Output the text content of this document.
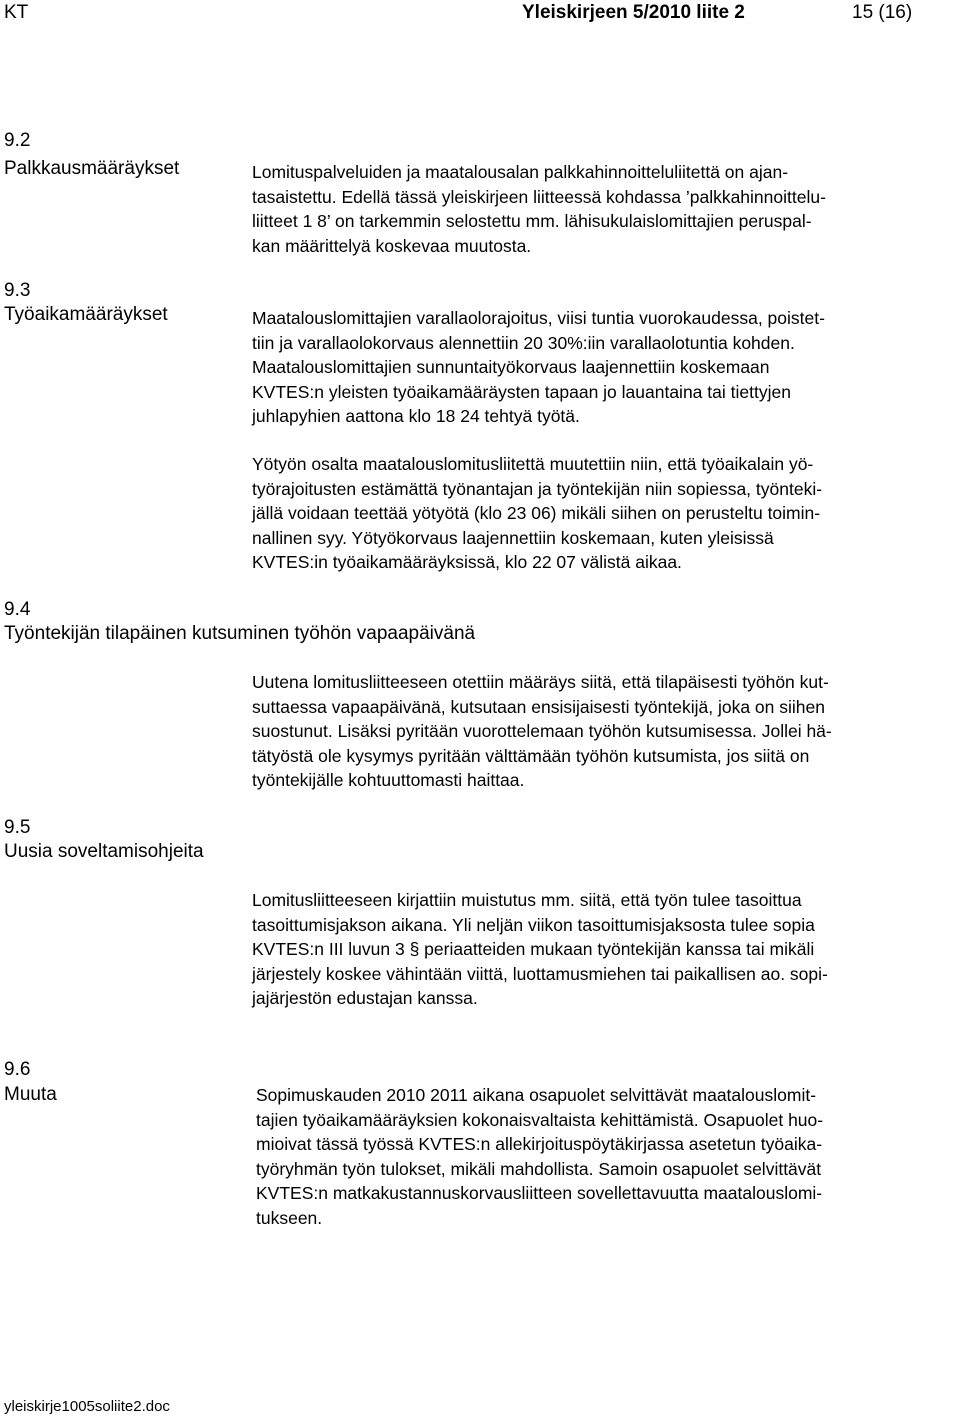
KT	Yleiskirjeen 5/2010 liite 2	15 (16)
9.2
Palkkausmääräykset	Lomituspalveluiden ja maatalousalan palkkahinnoitteluliitettä on ajan-
tasaistettu. Edellä tässä yleiskirjeen liitteessä kohdassa ’palkkahinnoittelu-
liitteet 1 8’ on tarkemmin selostettu mm. lähisukulaislomittajien peruspal-
kan määrittelyä koskevaa muutosta.
9.3
Työaikamääräykset	Maatalouslomittajien varallaolorajoitus, viisi tuntia vuorokaudessa, poistet-
tiin ja varallaolokorvaus alennettiin 20 30%:iin varallaolotuntia kohden.
Maatalouslomittajien sunnuntaityökorvaus laajennettiin koskemaan
KVTES:n yleisten työaikamääräysten tapaan jo lauantaina tai tiettyjen
juhlapyhien aattona klo 18 24 tehtyä työtä.
Yötyön osalta maatalouslomitusliitettä muutettiin niin, että työaikalain yö-
työrajoitusten estämättä työnantajan ja työntekijän niin sopiessa, työnteki-
jällä voidaan teettää yötyötä (klo 23 06) mikäli siihen on perusteltu toimin-
nallinen syy. Yötyökorvaus laajennettiin koskemaan, kuten yleisissä
KVTES:in työaikamääräyksissä, klo 22 07 välistä aikaa.
9.4
Työntekijän tilapäinen kutsuminen työhön vapaapäivänä
Uutena lomitusliitteeseen otettiin määräys siitä, että tilapäisesti työhön kut-
suttaessa vapaapäivänä, kutsutaan ensisijaisesti työntekijä, joka on siihen
suostunut. Lisäksi pyritään vuorottelemaan työhön kutsumisessa. Jollei hä-
tätyöstä ole kysymys pyritään välttämään työhön kutsumista, jos siitä on
työntekijälle kohtuuttomasti haittaa.
9.5
Uusia soveltamisohjeita
Lomitusliitteeseen kirjattiin muistutus mm. siitä, että työn tulee tasoittua
tasoittumisjakson aikana. Yli neljän viikon tasoittumisjaksosta tulee sopia
KVTES:n III luvun 3 § periaatteiden mukaan työntekijän kanssa tai mikäli
järjestely koskee vähintään viittä, luottamusmiehen tai paikallisen ao. sopi-
jajärjestön edustajan kanssa.
9.6
Muuta	Sopimuskauden 2010 2011 aikana osapuolet selvittävät maatalouslomit-
tajien työaikamääräyksien kokonaisvaltaista kehittämistä. Osapuolet huo-
mioivat tässä työssä KVTES:n allekirjoituspöytäkirjassa asetetun työaika-
työryhmän työn tulokset, mikäli mahdollista. Samoin osapuolet selvittävät
KVTES:n matkakustannuskorvausliitteen sovellettavuutta maatalouslomi-
tukseen.
yleiskirje1005soliite2.doc
